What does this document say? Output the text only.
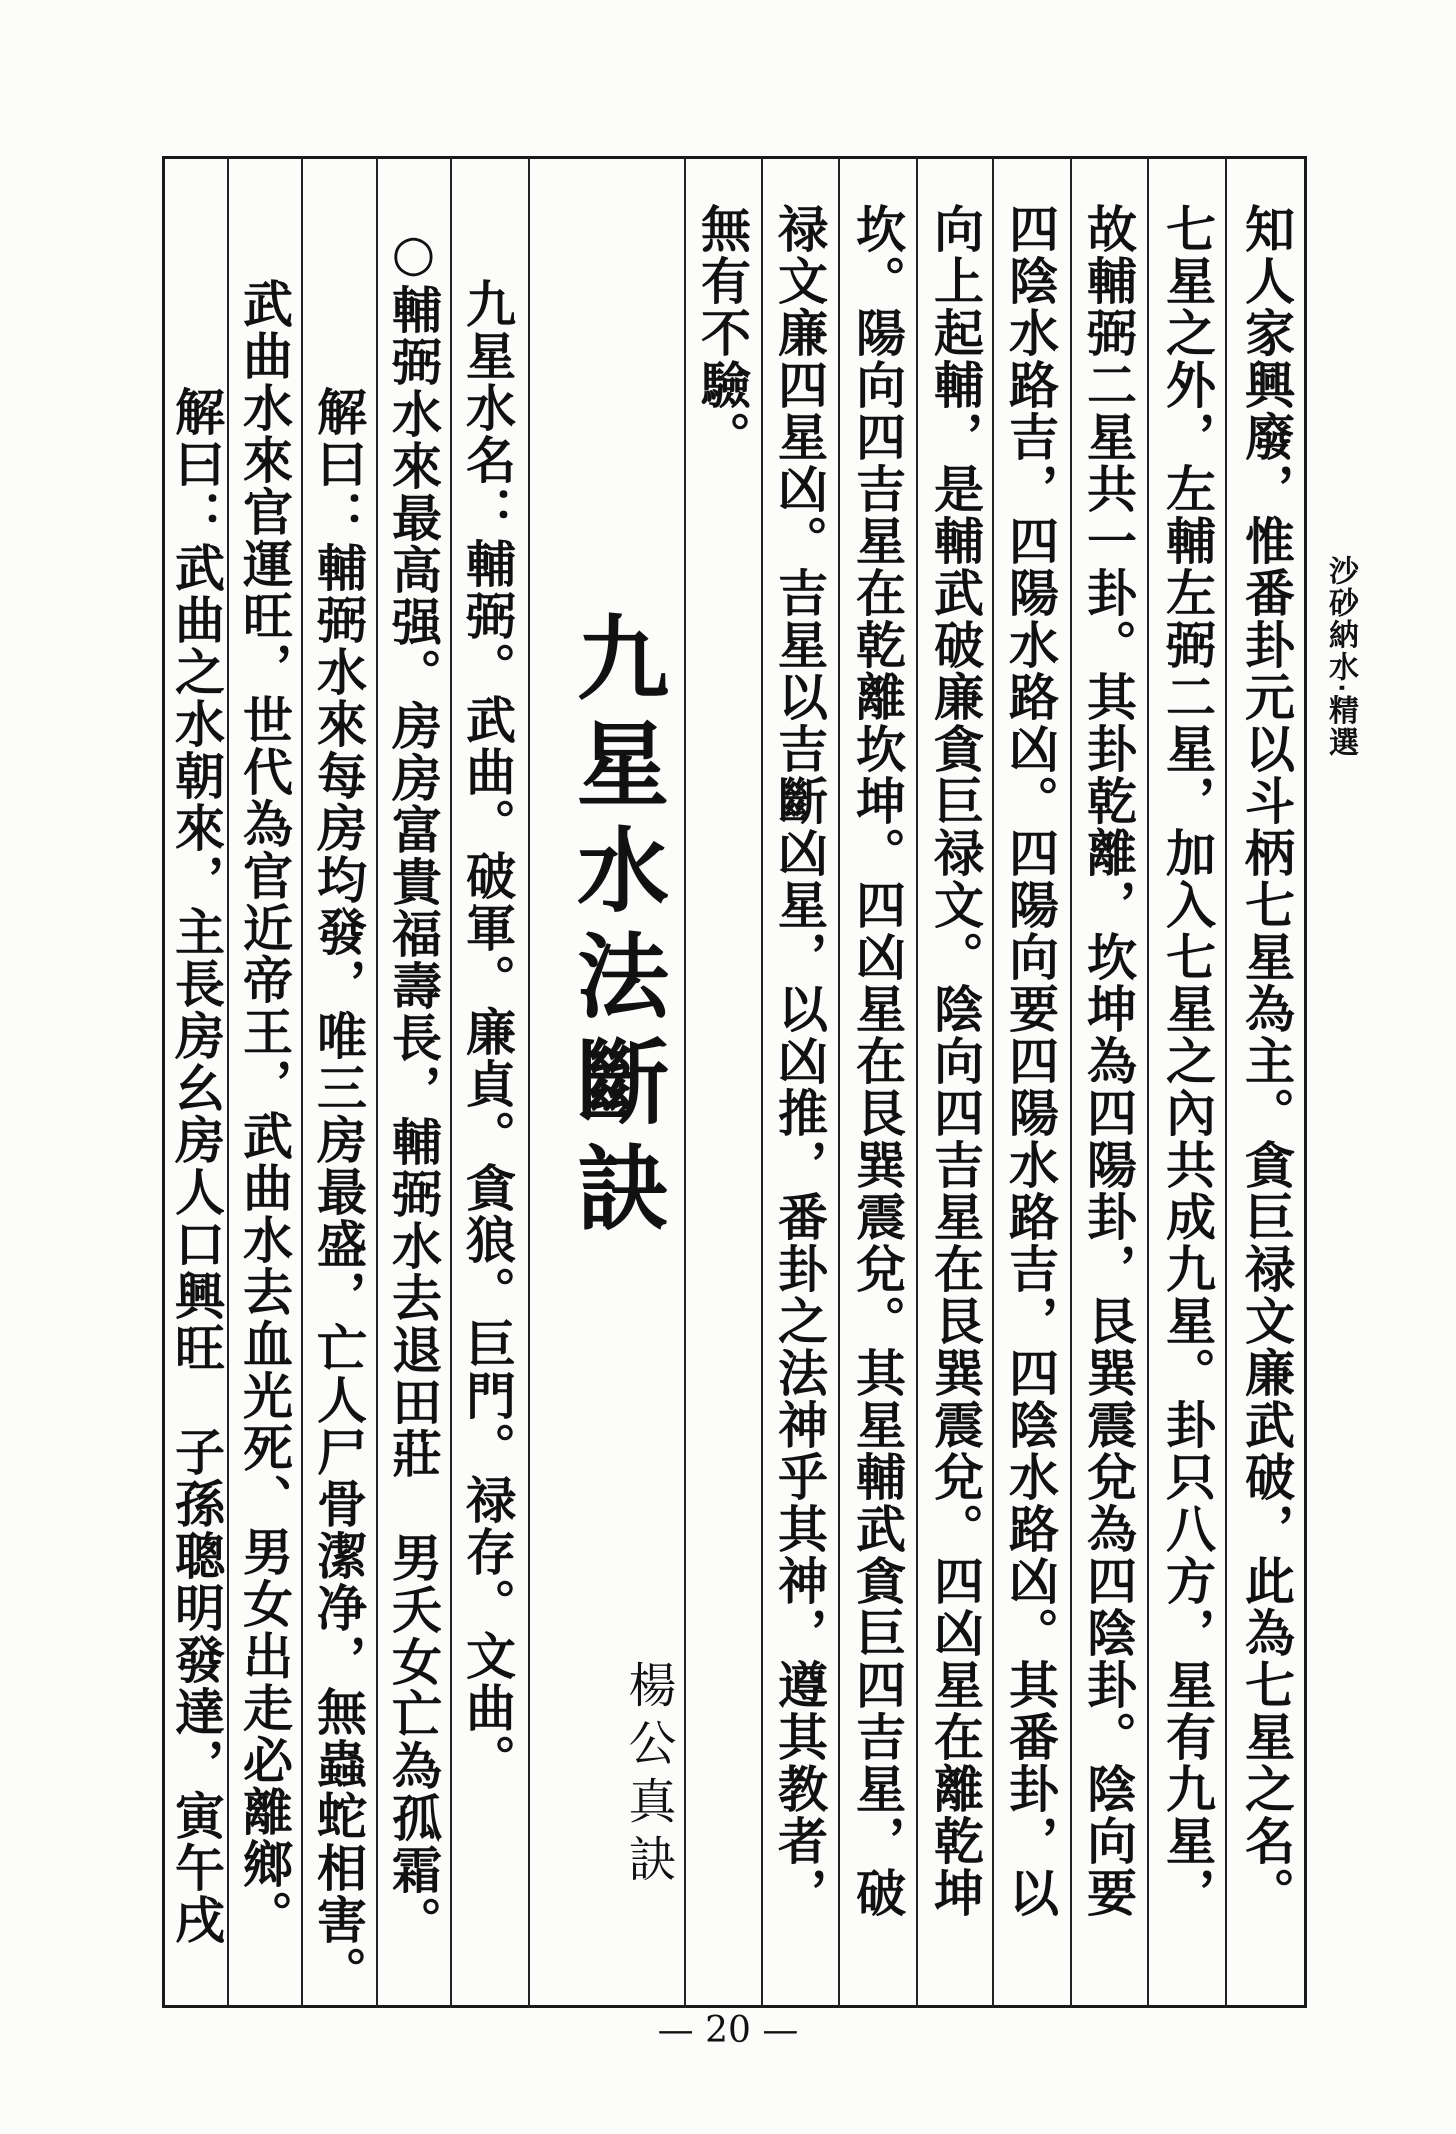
沙砂納水‧精選
知人家興廢，惟番卦元以斗柄七星為主。貪巨禄文廉武破，此為七星之名。
七星之外，左輔左弼二星，加入七星之內共成九星。卦只八方，星有九星，
故輔弼二星共一卦。其卦乾離，坎坤為四陽卦，艮巽震兌為四陰卦。陰向要
四陰水路吉，四陽水路凶。四陽向要四陽水路吉，四陰水路凶。其番卦，以
向上起輔，是輔武破廉貪巨禄文。陰向四吉星在艮巽震兌。四凶星在離乾坤
坎。陽向四吉星在乾離坎坤。四凶星在艮巽震兌。其星輔武貪巨四吉星，破
禄文廉四星凶。吉星以吉斷凶星，以凶推，番卦之法神乎其神，遵其教者，
無有不驗。
九星水法斷訣
楊公真訣
九星水名：輔弼。武曲。破軍。廉貞。貪狼。巨門。禄存。文曲。
○輔弼水來最高强。房房富貴福壽長，輔弼水去退田莊　男夭女亡為孤霜。
解曰：輔弼水來每房均發，唯三房最盛，亡人尸骨潔净，無蟲蛇相害。
武曲水來官運旺，世代為官近帝王，武曲水去血光死、男女出走必離鄉。
解曰：武曲之水朝來，主長房幺房人口興旺　子孫聰明發達，寅午戌
— 20 —
